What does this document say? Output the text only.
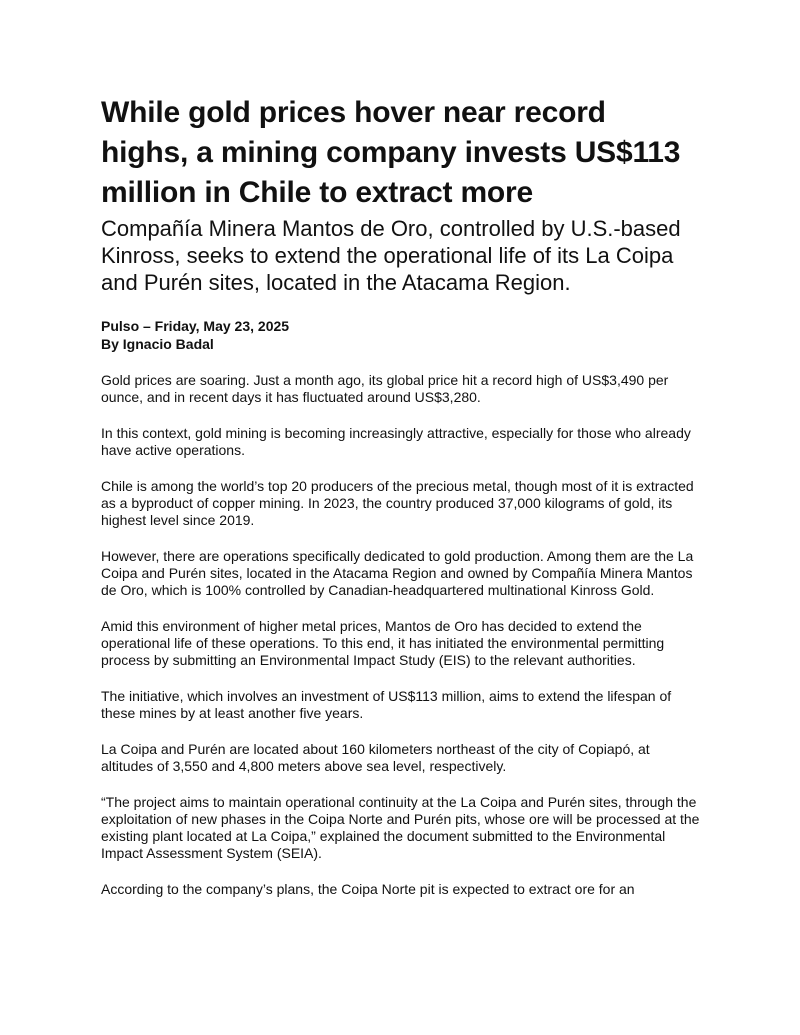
While gold prices hover near record highs, a mining company invests US$113 million in Chile to extract more
Compañía Minera Mantos de Oro, controlled by U.S.-based Kinross, seeks to extend the operational life of its La Coipa and Purén sites, located in the Atacama Region.
Pulso – Friday, May 23, 2025
By Ignacio Badal

Gold prices are soaring. Just a month ago, its global price hit a record high of US$3,490 per ounce, and in recent days it has fluctuated around US$3,280.

In this context, gold mining is becoming increasingly attractive, especially for those who already have active operations.

Chile is among the world’s top 20 producers of the precious metal, though most of it is extracted as a byproduct of copper mining. In 2023, the country produced 37,000 kilograms of gold, its highest level since 2019.

However, there are operations specifically dedicated to gold production. Among them are the La Coipa and Purén sites, located in the Atacama Region and owned by Compañía Minera Mantos de Oro, which is 100% controlled by Canadian-headquartered multinational Kinross Gold.

Amid this environment of higher metal prices, Mantos de Oro has decided to extend the operational life of these operations. To this end, it has initiated the environmental permitting process by submitting an Environmental Impact Study (EIS) to the relevant authorities.

The initiative, which involves an investment of US$113 million, aims to extend the lifespan of these mines by at least another five years.

La Coipa and Purén are located about 160 kilometers northeast of the city of Copiapó, at altitudes of 3,550 and 4,800 meters above sea level, respectively.

“The project aims to maintain operational continuity at the La Coipa and Purén sites, through the exploitation of new phases in the Coipa Norte and Purén pits, whose ore will be processed at the existing plant located at La Coipa,” explained the document submitted to the Environmental Impact Assessment System (SEIA).

According to the company’s plans, the Coipa Norte pit is expected to extract ore for an
